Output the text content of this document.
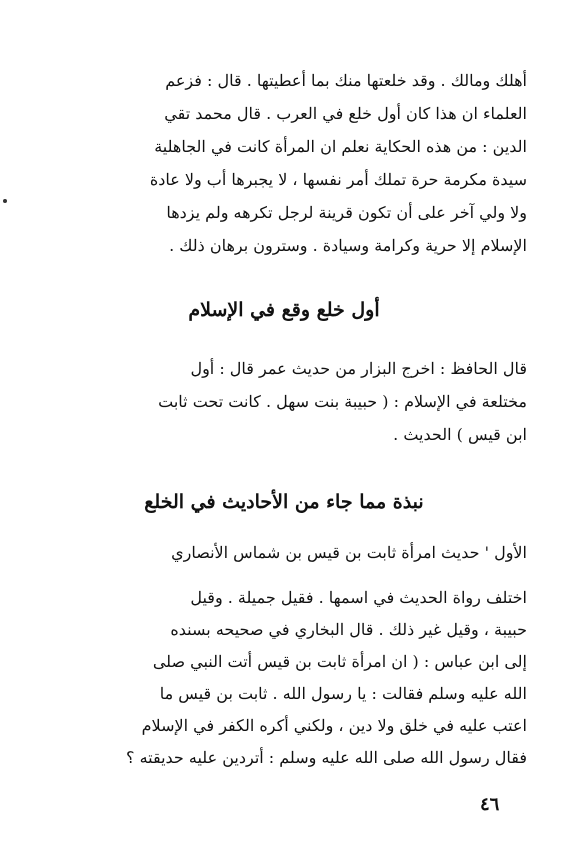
أهلك ومالك . وقد خلعتها منك بما أعطيتها . قال : فزعم
العلماء ان هذا كان أول خلع في العرب . قال محمد تقي
الدين : من هذه الحكاية نعلم ان المرأة كانت في الجاهلية
سيدة مكرمة حرة تملك أمر نفسها ، لا يجبرها أب ولا عادة
ولا ولي آخر على أن تكون قرينة لرجل تكرهه ولم يزدها
الإسلام إلا حرية وكرامة وسيادة . وسترون برهان ذلك .
أول خلع وقع في الإسلام
قال الحافظ : اخرج البزار من حديث عمر قال : أول
مختلعة في الإسلام : ( حبيبة بنت سهل . كانت تحت ثابت
ابن قيس ) الحديث .
نبذة مما جاء من الأحاديث في الخلع
الأول ' حديث امرأة ثابت بن قيس بن شماس الأنصاري
اختلف رواة الحديث في اسمها . فقيل جميلة . وقيل
حبيبة ، وقيل غير ذلك . قال البخاري في صحيحه بسنده
إلى ابن عباس : ( ان امرأة ثابت بن قيس أتت النبي صلى
الله عليه وسلم فقالت : يا رسول الله . ثابت بن قيس ما
اعتب عليه في خلق ولا دين ، ولكني أكره الكفر في الإسلام
فقال رسول الله صلى الله عليه وسلم : أتردين عليه حديقته ؟
٤٦
